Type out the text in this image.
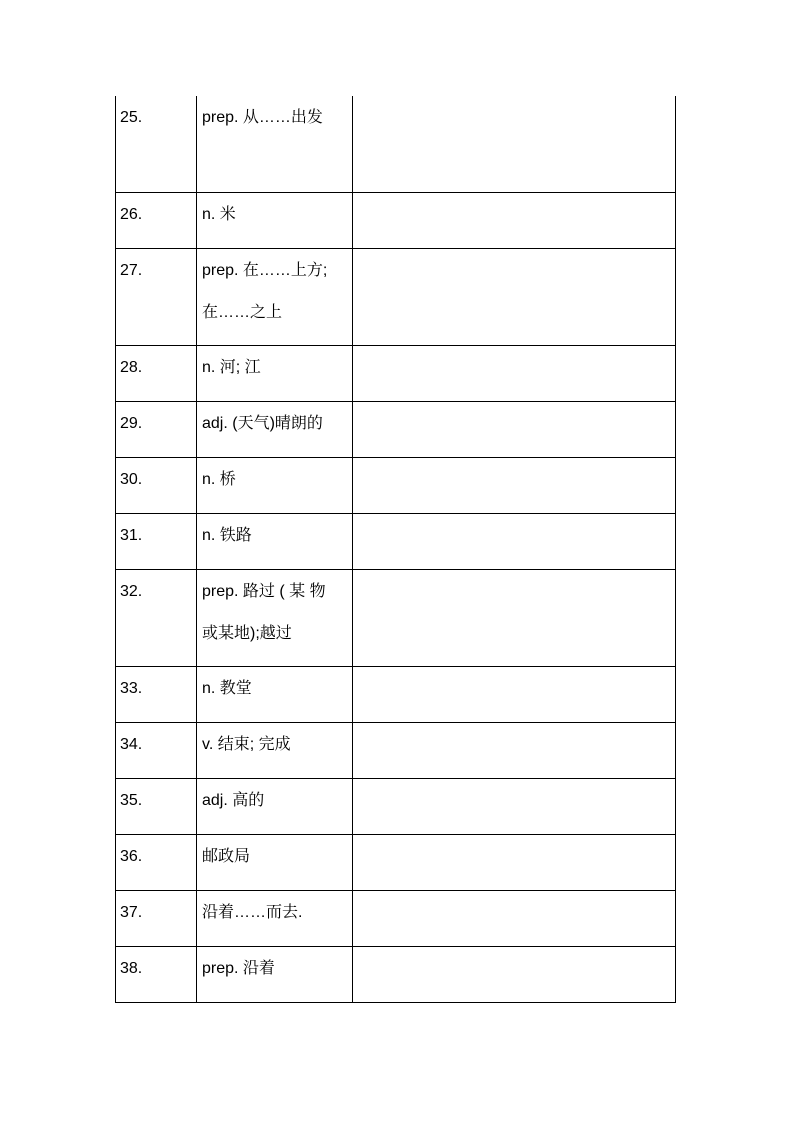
25.	prep. 从……出发	

26.	n. 米	

27.	prep. 在……上方;
在……之上	

28.	n. 河; 江	

29.	adj. (天气)晴朗的	

30.	n. 桥	

31.	n. 铁路	

32.	prep. 路过 ( 某 物
或某地);越过	

33.	n. 教堂	

34.	v. 结束; 完成	

35.	adj. 高的	

36.	邮政局	

37.	沿着……而去.	

38.	prep. 沿着	
